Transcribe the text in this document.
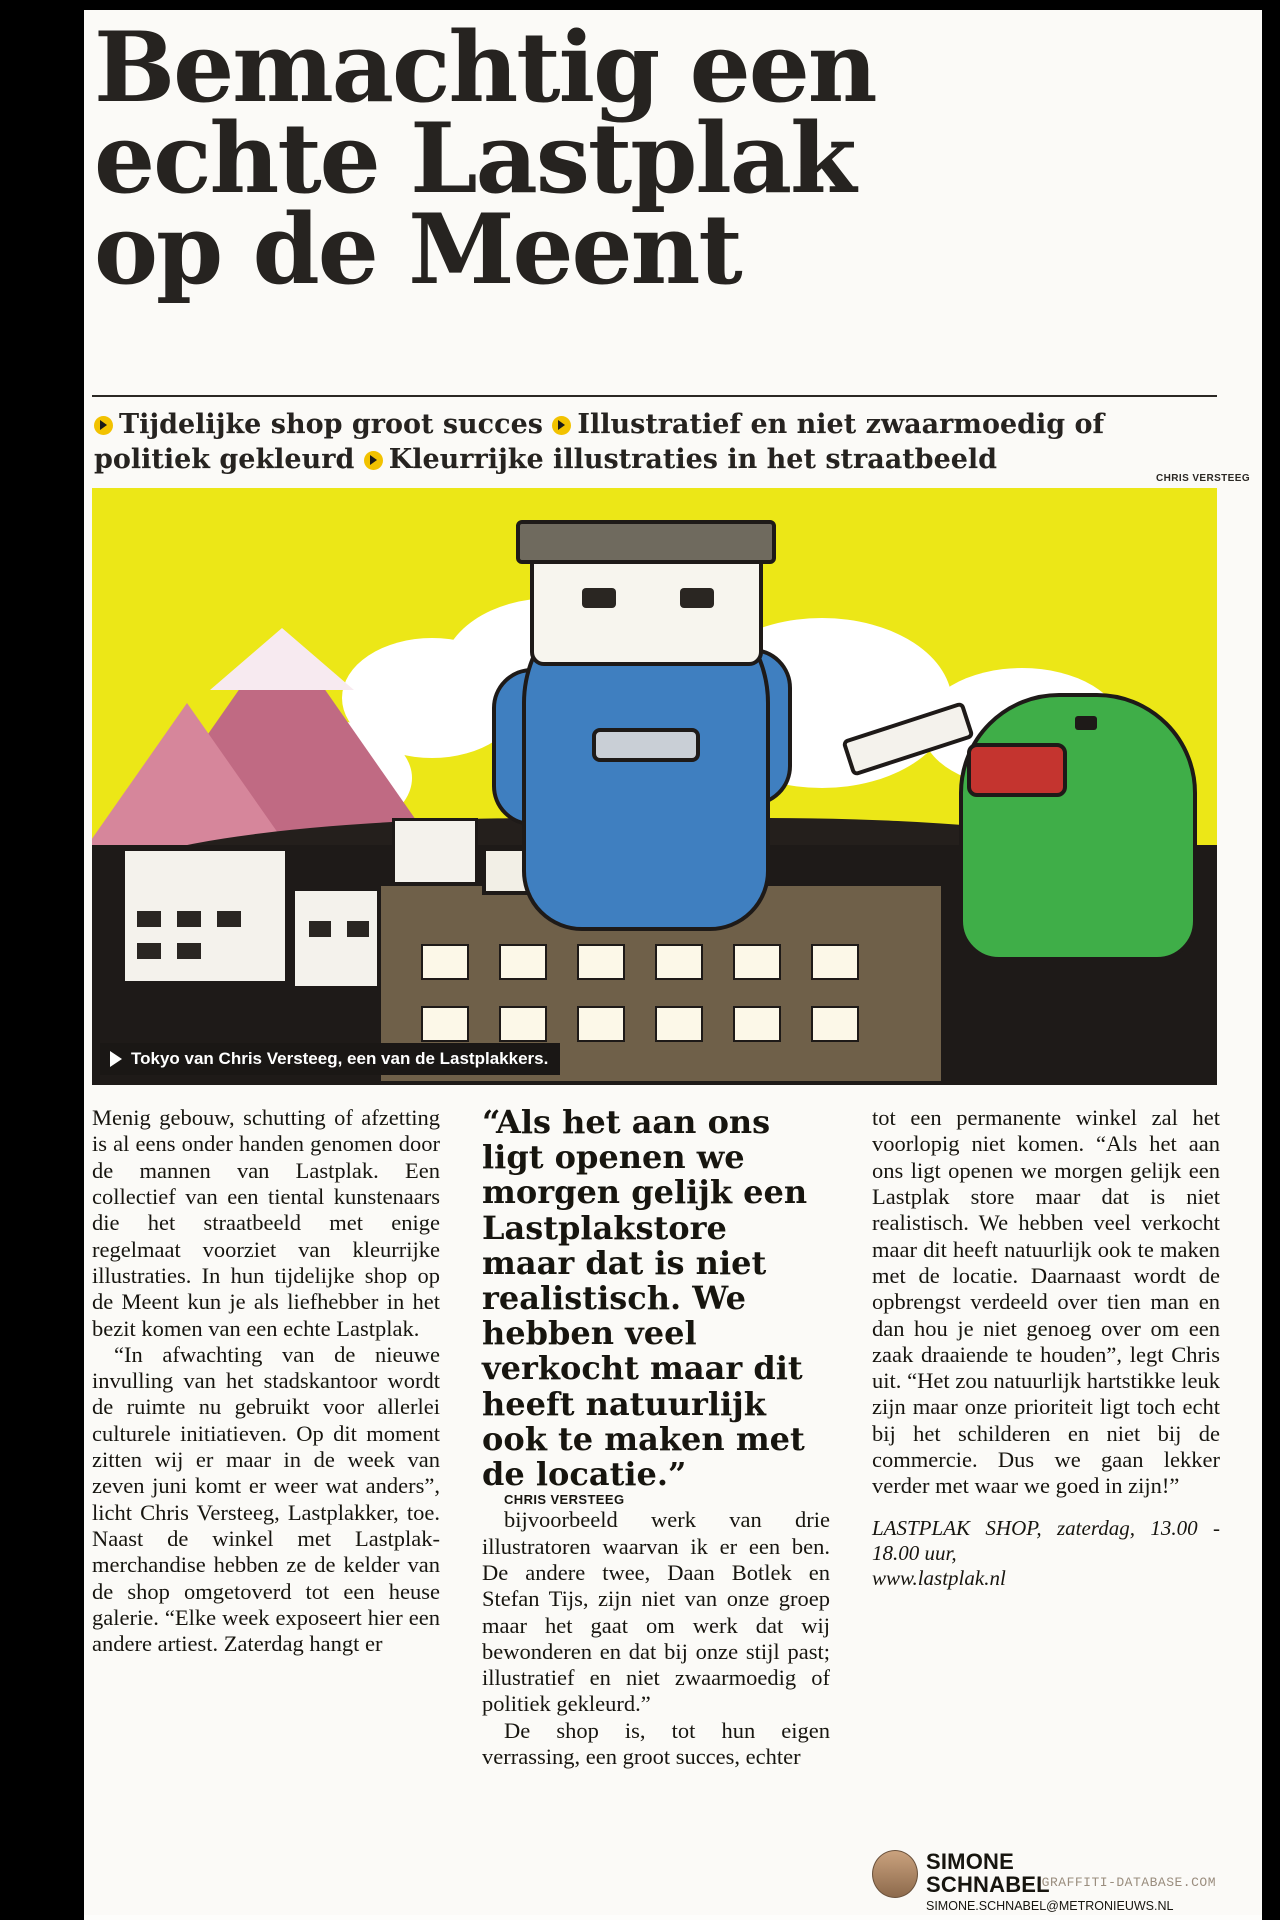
Bemachtig een
echte Lastplak
op de Meent
Tijdelijke shop groot succes Illustratief en niet zwaarmoedig of politiek gekleurd Kleurrijke illustraties in het straatbeeld
CHRIS VERSTEEG
Tokyo van Chris Versteeg, een van de Lastplakkers.

Menig gebouw, schutting of afzetting is al eens onder handen genomen door de mannen van Lastplak. Een collectief van een tiental kunstenaars die het straatbeeld met enige regelmaat voorziet van kleurrijke illustraties. In hun tijdelijke shop op de Meent kun je als liefhebber in het bezit komen van een echte Lastplak.

“In afwachting van de nieuwe invulling van het stadskantoor wordt de ruimte nu gebruikt voor allerlei culturele initiatieven. Op dit moment zitten wij er maar in de week van zeven juni komt er weer wat anders”, licht Chris Versteeg, Lastplakker, toe. Naast de winkel met Lastplak-merchandise hebben ze de kelder van de shop omgetoverd tot een heuse galerie. “Elke week exposeert hier een andere artiest. Zaterdag hangt er

“Als het aan ons ligt openen we morgen gelijk een Lastplakstore maar dat is niet realistisch. We hebben veel verkocht maar dit heeft natuurlijk ook te maken met de locatie.”

CHRIS VERSTEEG

bijvoorbeeld werk van drie illustratoren waarvan ik er een ben. De andere twee, Daan Botlek en Stefan Tijs, zijn niet van onze groep maar het gaat om werk dat wij bewonderen en dat bij onze stijl past; illustratief en niet zwaarmoedig of politiek gekleurd.”

De shop is, tot hun eigen verrassing, een groot succes, echter

tot een permanente winkel zal het voorlopig niet komen. “Als het aan ons ligt openen we morgen gelijk een Lastplak store maar dat is niet realistisch. We hebben veel verkocht maar dit heeft natuurlijk ook te maken met de locatie. Daarnaast wordt de opbrengst verdeeld over tien man en dan hou je niet genoeg over om een zaak draaiende te houden”, legt Chris uit. “Het zou natuurlijk hartstikke leuk zijn maar onze prioriteit ligt toch echt bij het schilderen en niet bij de commercie. Dus we gaan lekker verder met waar we goed in zijn!”

LASTPLAK SHOP, zaterdag, 13.00 - 18.00 uur,
www.lastplak.nl
SIMONE
SCHNABEL
SIMONE.SCHNABEL@METRONIEUWS.NL
GRAFFITI-DATABASE.COM
